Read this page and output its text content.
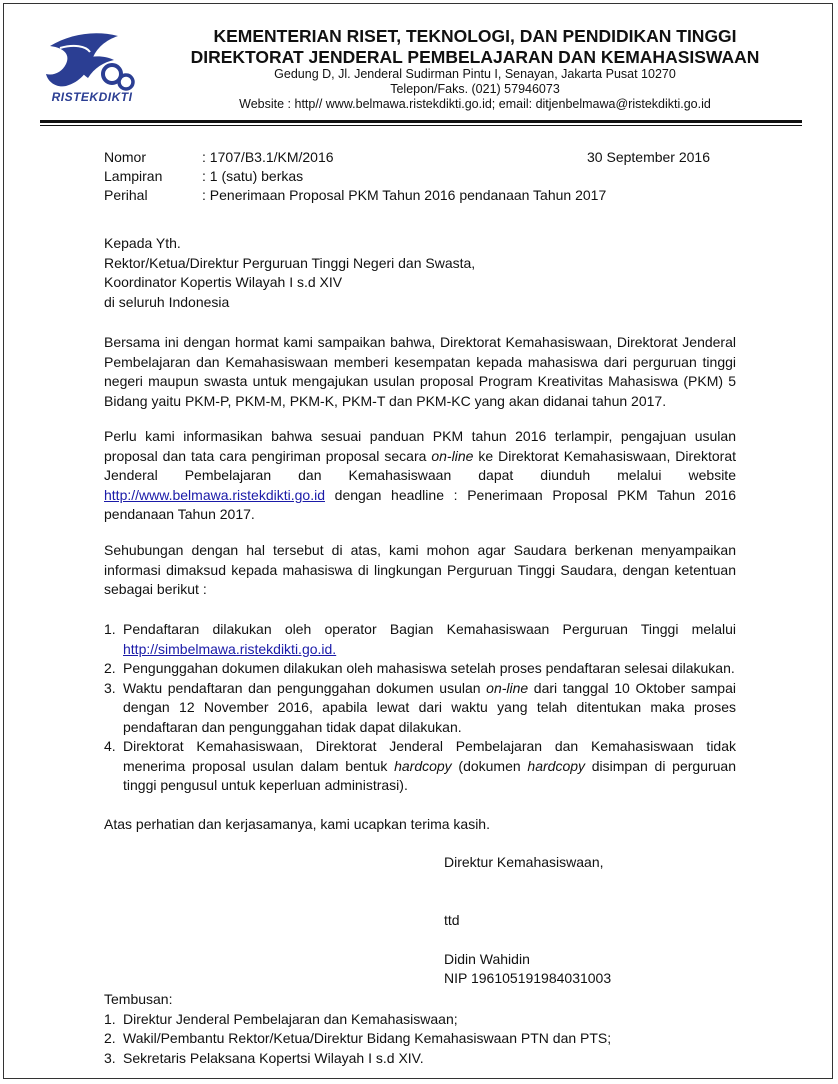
RISTEKDIKTI
KEMENTERIAN RISET, TEKNOLOGI, DAN PENDIDIKAN TINGGI
DIREKTORAT JENDERAL PEMBELAJARAN DAN KEMAHASISWAAN
Gedung D, Jl. Jenderal Sudirman Pintu I, Senayan, Jakarta Pusat 10270
Telepon/Faks. (021) 57946073
Website : http// www.belmawa.ristekdikti.go.id; email: ditjenbelmawa@ristekdikti.go.id
Nomor	: 1707/B3.1/KM/2016	30 September 2016
Lampiran	: 1 (satu) berkas
Perihal	: Penerimaan Proposal PKM Tahun 2016 pendanaan Tahun 2017
Kepada Yth.
Rektor/Ketua/Direktur Perguruan Tinggi Negeri dan Swasta,
Koordinator Kopertis Wilayah I s.d XIV
di seluruh Indonesia
Bersama ini dengan hormat kami sampaikan bahwa, Direktorat Kemahasiswaan, Direktorat Jenderal Pembelajaran dan Kemahasiswaan memberi kesempatan kepada mahasiswa dari perguruan tinggi negeri maupun swasta untuk mengajukan usulan proposal Program Kreativitas Mahasiswa (PKM) 5 Bidang yaitu PKM-P, PKM-M, PKM-K, PKM-T dan PKM-KC yang akan didanai tahun 2017.
Perlu kami informasikan bahwa sesuai panduan PKM tahun 2016 terlampir, pengajuan usulan proposal dan tata cara pengiriman proposal secara on-line ke Direktorat Kemahasiswaan, Direktorat Jenderal Pembelajaran dan Kemahasiswaan dapat diunduh melalui website http://www.belmawa.ristekdikti.go.id dengan headline : Penerimaan Proposal PKM Tahun 2016 pendanaan Tahun 2017.
Sehubungan dengan hal tersebut di atas, kami mohon agar Saudara berkenan menyampaikan informasi dimaksud kepada mahasiswa di lingkungan Perguruan Tinggi Saudara, dengan ketentuan sebagai berikut :
1. Pendaftaran dilakukan oleh operator Bagian Kemahasiswaan Perguruan Tinggi melalui http://simbelmawa.ristekdikti.go.id.
2. Pengunggahan dokumen dilakukan oleh mahasiswa setelah proses pendaftaran selesai dilakukan.
3. Waktu pendaftaran dan pengunggahan dokumen usulan on-line dari tanggal 10 Oktober sampai dengan 12 November 2016, apabila lewat dari waktu yang telah ditentukan maka proses pendaftaran dan pengunggahan tidak dapat dilakukan.
4. Direktorat Kemahasiswaan, Direktorat Jenderal Pembelajaran dan Kemahasiswaan tidak menerima proposal usulan dalam bentuk hardcopy (dokumen hardcopy disimpan di perguruan tinggi pengusul untuk keperluan administrasi).
Atas perhatian dan kerjasamanya, kami ucapkan terima kasih.
Direktur Kemahasiswaan,
ttd
Didin Wahidin
NIP 196105191984031003
Tembusan:
1. Direktur Jenderal Pembelajaran dan Kemahasiswaan;
2. Wakil/Pembantu Rektor/Ketua/Direktur Bidang Kemahasiswaan PTN dan PTS;
3. Sekretaris Pelaksana Kopertsi Wilayah I s.d XIV.
